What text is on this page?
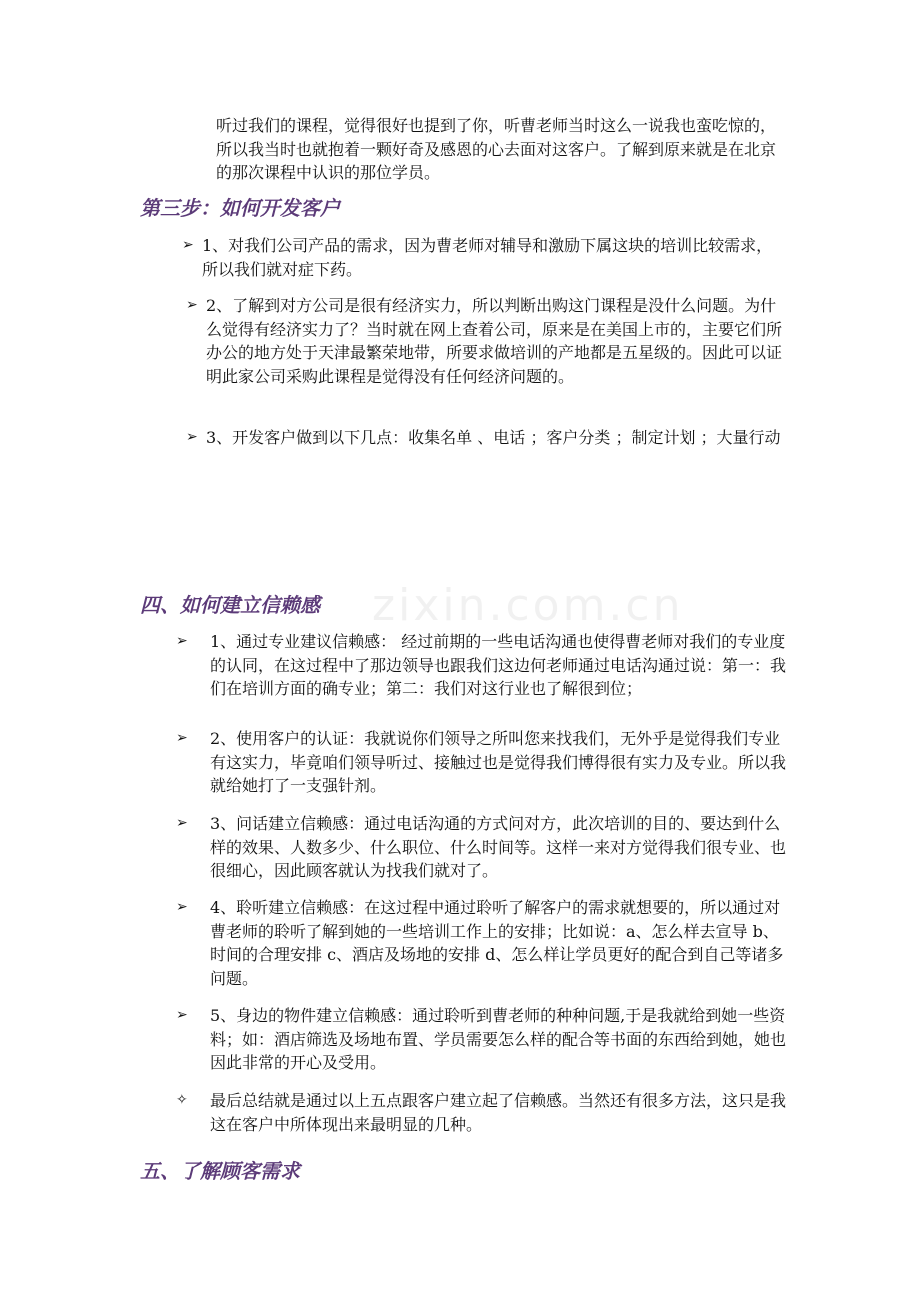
zixin.com.cn

听过我们的课程，觉得很好也提到了你，听曹老师当时这么一说我也蛮吃惊的，所以我当时也就抱着一颗好奇及感恩的心去面对这客户。了解到原来就是在北京的那次课程中认识的那位学员。

第三步：如何开发客户
➢ 1、对我们公司产品的需求，因为曹老师对辅导和激励下属这块的培训比较需求，所以我们就对症下药。
➢ 2、了解到对方公司是很有经济实力，所以判断出购这门课程是没什么问题。为什么觉得有经济实力了？当时就在网上查着公司，原来是在美国上市的，主要它们所办公的地方处于天津最繁荣地带，所要求做培训的产地都是五星级的。因此可以证明此家公司采购此课程是觉得没有任何经济问题的。
➢ 3、开发客户做到以下几点：收集名单 、电话 ；客户分类 ；制定计划 ；大量行动
四、如何建立信赖感
➢	1、通过专业建议信赖感： 经过前期的一些电话沟通也使得曹老师对我们的专业度的认同，在这过程中了那边领导也跟我们这边何老师通过电话沟通过说：第一：我们在培训方面的确专业；第二：我们对这行业也了解很到位；
➢	2、使用客户的认证：我就说你们领导之所叫您来找我们，无外乎是觉得我们专业有这实力，毕竟咱们领导听过、接触过也是觉得我们博得很有实力及专业。所以我就给她打了一支强针剂。
➢	3、问话建立信赖感：通过电话沟通的方式问对方，此次培训的目的、要达到什么样的效果、人数多少、什么职位、什么时间等。这样一来对方觉得我们很专业、也很细心，因此顾客就认为找我们就对了。
➢	4、聆听建立信赖感：在这过程中通过聆听了解客户的需求就想要的，所以通过对曹老师的聆听了解到她的一些培训工作上的安排；比如说：a、怎么样去宣导 b、时间的合理安排 c、酒店及场地的安排 d、怎么样让学员更好的配合到自己等诸多问题。
➢	5、身边的物件建立信赖感：通过聆听到曹老师的种种问题,于是我就给到她一些资料；如：酒店筛选及场地布置、学员需要怎么样的配合等书面的东西给到她，她也因此非常的开心及受用。
✧	最后总结就是通过以上五点跟客户建立起了信赖感。当然还有很多方法，这只是我这在客户中所体现出来最明显的几种。
五、了解顾客需求
